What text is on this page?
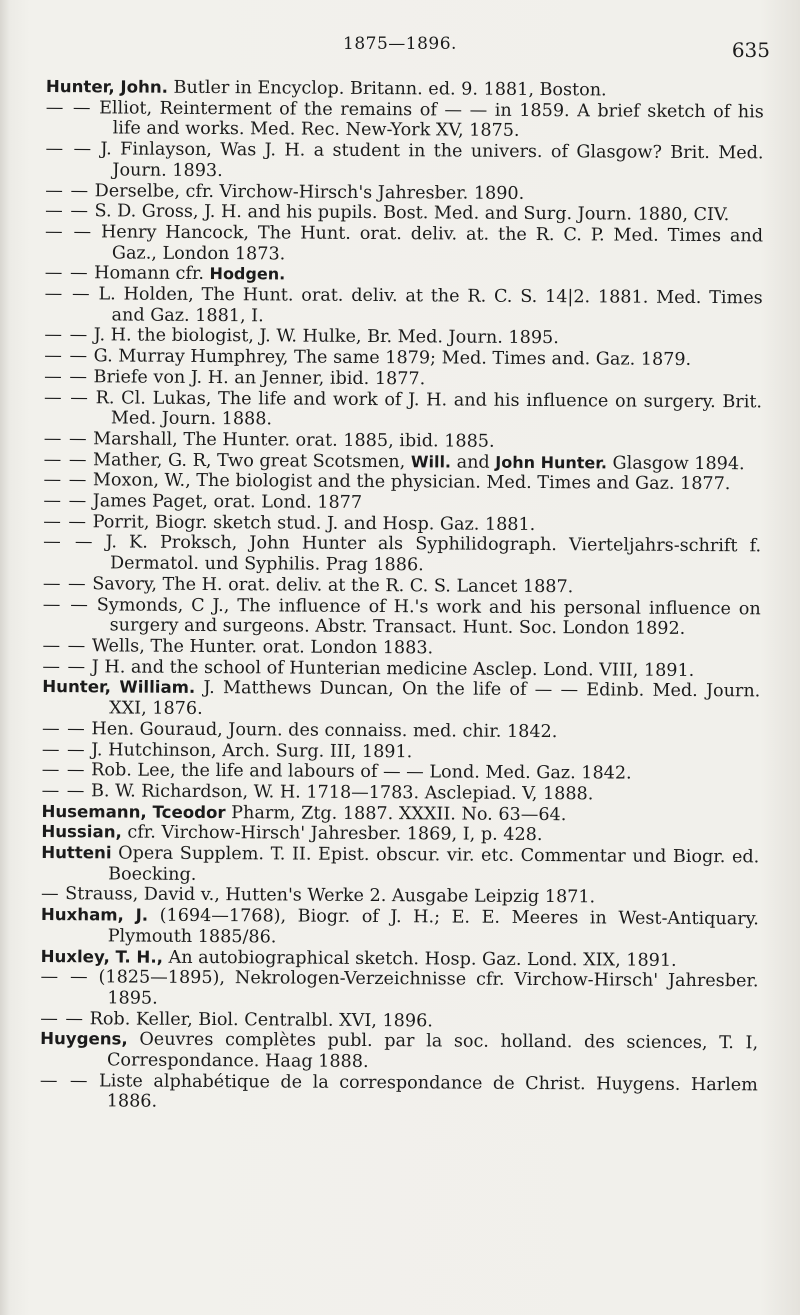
1875—1896.	635

Hunter, John. Butler in Encyclop. Britann. ed. 9. 1881, Boston.

— — Elliot, Reinterment of the remains of — — in 1859. A brief sketch of his life and works. Med. Rec. New-York XV, 1875.

— — J. Finlayson, Was J. H. a student in the univers. of Glasgow? Brit. Med. Journ. 1893.

— — Derselbe, cfr. Virchow-Hirsch's Jahresber. 1890.

— — S. D. Gross, J. H. and his pupils. Bost. Med. and Surg. Journ. 1880, CIV.

— — Henry Hancock, The Hunt. orat. deliv. at. the R. C. P. Med. Times and Gaz., London 1873.

— — Homann cfr. Hodgen.

— — L. Holden, The Hunt. orat. deliv. at the R. C. S. 14|2. 1881. Med. Times and Gaz. 1881, I.

— — J. H. the biologist, J. W. Hulke, Br. Med. Journ. 1895.

— — G. Murray Humphrey, The same 1879; Med. Times and. Gaz. 1879.

— — Briefe von J. H. an Jenner, ibid. 1877.

— — R. Cl. Lukas, The life and work of J. H. and his influence on surgery. Brit. Med. Journ. 1888.

— — Marshall, The Hunter. orat. 1885, ibid. 1885.

— — Mather, G. R, Two great Scotsmen, Will. and John Hunter. Glasgow 1894.

— — Moxon, W., The biologist and the physician. Med. Times and Gaz. 1877.

— — James Paget, orat. Lond. 1877

— — Porrit, Biogr. sketch stud. J. and Hosp. Gaz. 1881.

— — J. K. Proksch, John Hunter als Syphilidograph. Vierteljahrs-schrift f. Dermatol. und Syphilis. Prag 1886.

— — Savory, The H. orat. deliv. at the R. C. S. Lancet 1887.

— — Symonds, C J., The influence of H.'s work and his personal influence on surgery and surgeons. Abstr. Transact. Hunt. Soc. London 1892.

— — Wells, The Hunter. orat. London 1883.

— — J H. and the school of Hunterian medicine Asclep. Lond. VIII, 1891.

Hunter, William. J. Matthews Duncan, On the life of — — Edinb. Med. Journ. XXI, 1876.

— — Hen. Gouraud, Journ. des connaiss. med. chir. 1842.

— — J. Hutchinson, Arch. Surg. III, 1891.

— — Rob. Lee, the life and labours of — — Lond. Med. Gaz. 1842.

— — B. W. Richardson, W. H. 1718—1783. Asclepiad. V, 1888.

Husemann, Tceodor Pharm, Ztg. 1887. XXXII. No. 63—64.

Hussian, cfr. Virchow-Hirsch' Jahresber. 1869, I, p. 428.

Hutteni Opera Supplem. T. II. Epist. obscur. vir. etc. Commentar und Biogr. ed. Boecking.

— Strauss, David v., Hutten's Werke 2. Ausgabe Leipzig 1871.

Huxham, J. (1694—1768), Biogr. of J. H.; E. E. Meeres in West-Antiquary. Plymouth 1885/86.

Huxley, T. H., An autobiographical sketch. Hosp. Gaz. Lond. XIX, 1891.

— — (1825—1895), Nekrologen-Verzeichnisse cfr. Virchow-Hirsch' Jahresber. 1895.

— — Rob. Keller, Biol. Centralbl. XVI, 1896.

Huygens, Oeuvres complètes publ. par la soc. holland. des sciences, T. I, Correspondance. Haag 1888.

— — Liste alphabétique de la correspondance de Christ. Huygens. Harlem 1886.
